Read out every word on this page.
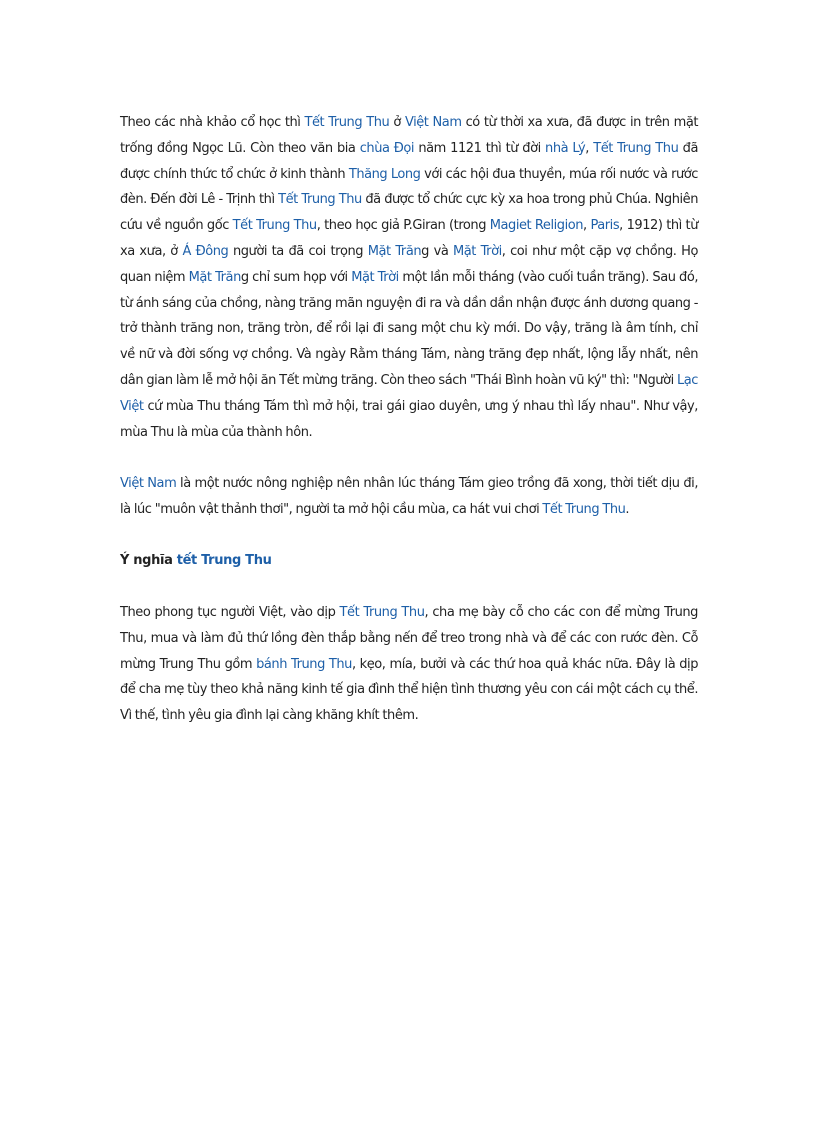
Theo các nhà khảo cổ học thì Tết Trung Thu ở Việt Nam có từ thời xa xưa, đã được in trên mặt trống đồng Ngọc Lũ. Còn theo văn bia chùa Đọi năm 1121 thì từ đời nhà Lý, Tết Trung Thu đã được chính thức tổ chức ở kinh thành Thăng Long với các hội đua thuyền, múa rối nước và rước đèn. Đến đời Lê - Trịnh thì Tết Trung Thu đã được tổ chức cực kỳ xa hoa trong phủ Chúa. Nghiên cứu về nguồn gốc Tết Trung Thu, theo học giả P.Giran (trong Magiet Religion, Paris, 1912) thì từ xa xưa, ở Á Đông người ta đã coi trọng Mặt Trăng và Mặt Trời, coi như một cặp vợ chồng. Họ quan niệm Mặt Trăng chỉ sum họp với Mặt Trời một lần mỗi tháng (vào cuối tuần trăng). Sau đó, từ ánh sáng của chồng, nàng trăng mãn nguyện đi ra và dần dần nhận được ánh dương quang - trở thành trăng non, trăng tròn, để rồi lại đi sang một chu kỳ mới. Do vậy, trăng là âm tính, chỉ về nữ và đời sống vợ chồng. Và ngày Rằm tháng Tám, nàng trăng đẹp nhất, lộng lẫy nhất, nên dân gian làm lễ mở hội ăn Tết mừng trăng. Còn theo sách "Thái Bình hoàn vũ ký" thì: "Người Lạc Việt cứ mùa Thu tháng Tám thì mở hội, trai gái giao duyên, ưng ý nhau thì lấy nhau". Như vậy, mùa Thu là mùa của thành hôn.

Việt Nam là một nước nông nghiệp nên nhân lúc tháng Tám gieo trồng đã xong, thời tiết dịu đi, là lúc "muôn vật thảnh thơi", người ta mở hội cầu mùa, ca hát vui chơi Tết Trung Thu.

Ý nghĩa tết Trung Thu

Theo phong tục người Việt, vào dịp Tết Trung Thu, cha mẹ bày cỗ cho các con để mừng Trung Thu, mua và làm đủ thứ lồng đèn thắp bằng nến để treo trong nhà và để các con rước đèn. Cỗ mừng Trung Thu gồm bánh Trung Thu, kẹo, mía, bưởi và các thứ hoa quả khác nữa. Đây là dịp để cha mẹ tùy theo khả năng kinh tế gia đình thể hiện tình thương yêu con cái một cách cụ thể. Vì thế, tình yêu gia đình lại càng khăng khít thêm.
